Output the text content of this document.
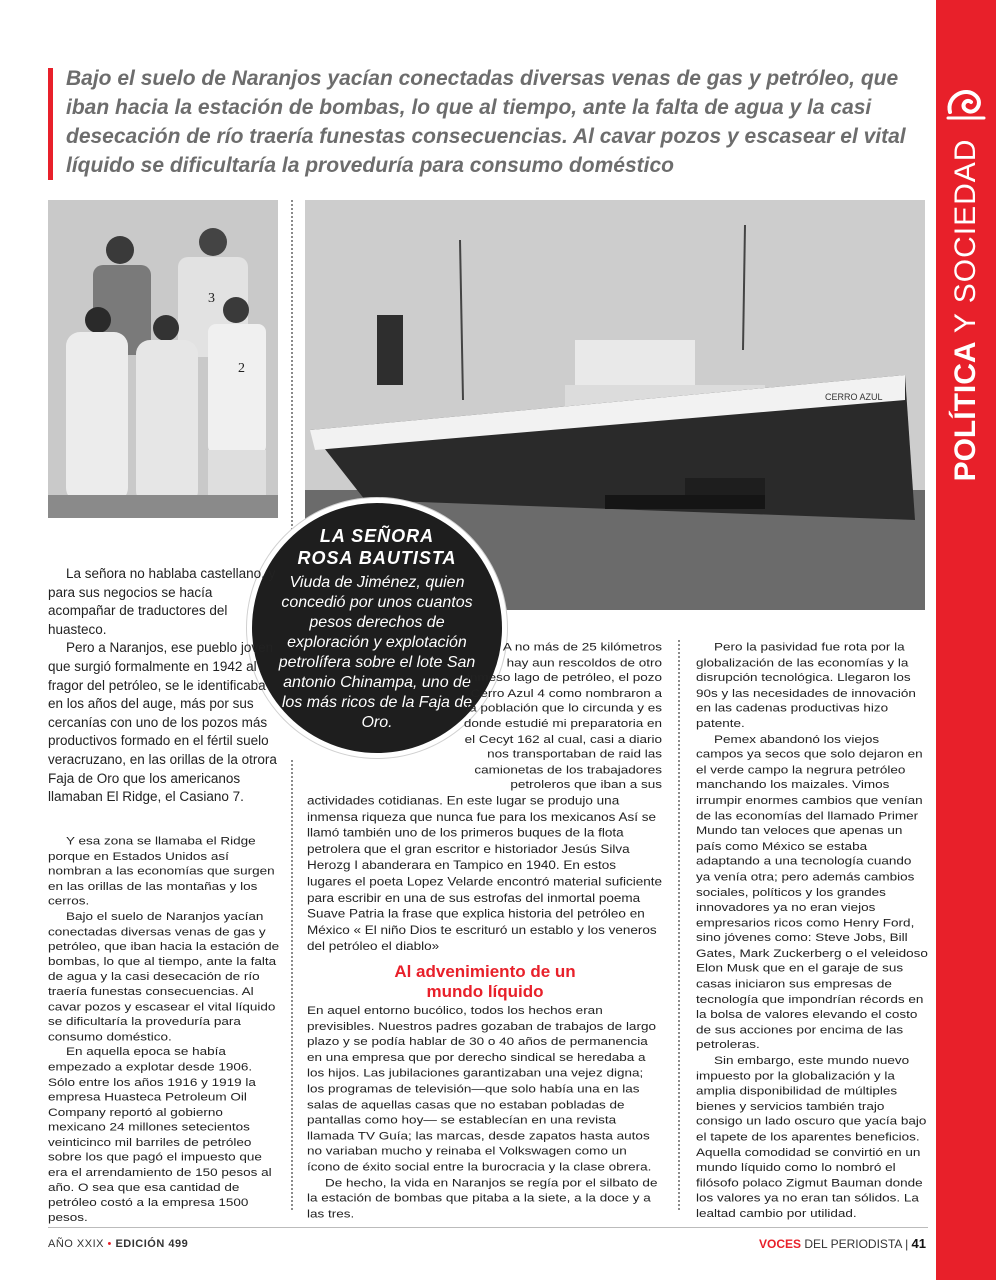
POLÍTICA Y SOCIEDAD
Bajo el suelo de Naranjos yacían conectadas diversas venas de gas y petróleo, que iban hacia la estación de bombas, lo que al tiempo, ante la falta de agua y la casi desecación de río traería funestas consecuencias. Al cavar pozos y escasear el vital líquido se dificultaría la proveduría para consumo doméstico
3
2
CERRO AZUL
LA SEÑORA
ROSA BAUTISTA
Viuda de Jiménez, quien concedió por unos cuantos pesos derechos de exploración y explotación petrolífera sobre el lote San antonio Chinampa, uno de los más ricos de la Faja de Oro.

La señora no hablaba castellano. y para sus negocios se hacía acompañar de traductores del huasteco.

Pero a Naranjos, ese pueblo joven que surgió formalmente en 1942 al fragor del petróleo, se le identificaba en los años del auge, más por sus cercanías con uno de los pozos más productivos formado en el fértil suelo veracruzano, en las orillas de la otrora Faja de Oro que los americanos llamaban El Ridge, el Casiano 7.

Y esa zona se llamaba el Ridge porque en Estados Unidos así nombran a las economías que surgen en las orillas de las montañas y los cerros.

Bajo el suelo de Naranjos yacían conectadas diversas venas de gas y petróleo, que iban hacia la estación de bombas, lo que al tiempo, ante la falta de agua y la casi desecación de río traería funestas consecuencias. Al cavar pozos y escasear el vital líquido se dificultaría la proveduría para consumo doméstico.

En aquella epoca se había empezado a explotar desde 1906. Sólo entre los años 1916 y 1919 la empresa Huasteca Petroleum Oil Company reportó al gobierno mexicano 24 millones setecientos veinticinco mil barriles de petróleo sobre los que pagó el impuesto que era el arrendamiento de 150 pesos al año. O sea que esa cantidad de petróleo costó a la empresa 1500 pesos.

A no más de 25 kilómetros hay aun rescoldos de otro inmeso lago de petróleo, el pozo Cerro Azul 4 como nombraron a la población que lo circunda y es donde estudié mi preparatoria en el Cecyt 162 al cual, casi a diario nos transportaban de raid las camionetas de los trabajadores petroleros que iban a sus

actividades cotidianas. En este lugar se produjo una inmensa riqueza que nunca fue para los mexicanos Así se llamó también uno de los primeros buques de la flota petrolera que el gran escritor e historiador Jesús Silva Herozg I abanderara en Tampico en 1940. En estos lugares el poeta Lopez Velarde encontró material suficiente para escribir en una de sus estrofas del inmortal poema Suave Patria la frase que explica historia del petróleo en México « El niño Dios te escrituró un establo y los veneros del petróleo el diablo»

Al advenimiento de un
mundo líquido

En aquel entorno bucólico, todos los hechos eran previsibles. Nuestros padres gozaban de trabajos de largo plazo y se podía hablar de 30 o 40 años de permanencia en una empresa que por derecho sindical se heredaba a los hijos. Las jubilaciones garantizaban una vejez digna; los programas de televisión—que solo había una en las salas de aquellas casas que no estaban pobladas de pantallas como hoy— se establecían en una revista llamada TV Guía; las marcas, desde zapatos hasta autos no variaban mucho y reinaba el Volkswagen como un ícono de éxito social entre la burocracia y la clase obrera.

De hecho, la vida en Naranjos se regía por el silbato de la estación de bombas que pitaba a la siete, a la doce y a las tres.

Pero la pasividad fue rota por la globalización de las economías y la disrupción tecnológica. Llegaron los 90s y las necesidades de innovación en las cadenas productivas hizo patente.

Pemex abandonó los viejos campos ya secos que solo dejaron en el verde campo la negrura petróleo manchando los maizales. Vimos irrumpir enormes cambios que venían de las economías del llamado Primer Mundo tan veloces que apenas un país como México se estaba adaptando a una tecnología cuando ya venía otra; pero además cambios sociales, políticos y los grandes innovadores ya no eran viejos empresarios ricos como Henry Ford, sino jóvenes como: Steve Jobs, Bill Gates, Mark Zuckerberg o el veleidoso Elon Musk que en el garaje de sus casas iniciaron sus empresas de tecnología que impondrían récords en la bolsa de valores elevando el costo de sus acciones por encima de las petroleras.

Sin embargo, este mundo nuevo impuesto por la globalización y la amplia disponibilidad de múltiples bienes y servicios también trajo consigo un lado oscuro que yacía bajo el tapete de los aparentes beneficios. Aquella comodidad se convirtió en un mundo líquido como lo nombró el filósofo polaco Zigmut Bauman donde los valores ya no eran tan sólidos. La lealtad cambio por utilidad.

AÑO XXIX • EDICIÓN 499	VOCES DEL PERIODISTA | 41
